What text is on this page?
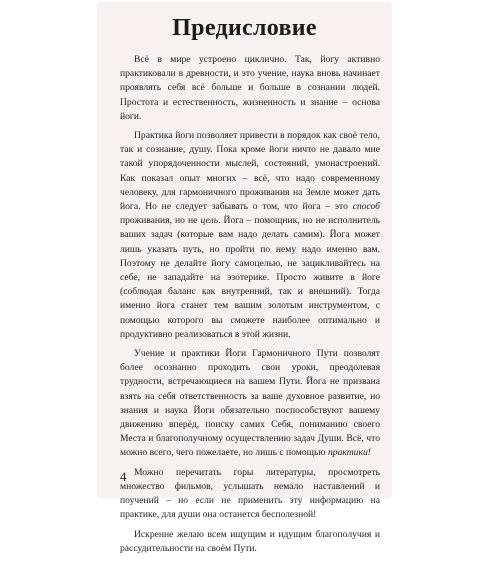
Предисловие

Всё в мире устроено циклично. Так, йогу активно практиковали в древности, и это учение, наука вновь начинает проявлять себя всё больше и больше в сознании людей. Простота и естественность, жизненность и знание – основа йоги.

Практика йоги позволяет привести в порядок как своё тело, так и сознание, душу. Пока кроме йоги ничто не давало мне такой упорядоченности мыслей, состояний, умонастроений. Как показал опыт многих – всё, что надо современному человеку, для гармоничного проживания на Земле может дать йога. Но не следует забывать о том, что йога – это способ проживания, но не цель. Йога – помощник, но не исполнитель ваших задач (которые вам надо делать самим). Йога может лишь указать путь, но пройти по нему надо именно вам. Поэтому не делайте йогу самоцелью, не зацикливайтесь на себе, не западайте на эзотерике. Просто живите в йоге (соблюдая баланс как внутренний, так и внешний). Тогда именно йога станет тем вашим золотым инструментом, с помощью которого вы сможете наиболее оптимально и продуктивно реализоваться в этой жизни.

Учение и практики Йоги Гармоничного Пути позволят более осознанно проходить свои уроки, преодолевая трудности, встречающиеся на вашем Пути. Йога не призвана взять на себя ответственность за ваше духовное развитие, но знания и наука Йоги обязательно поспособствуют вашему движению вперёд, поиску самих Себя, пониманию своего Места и благополучному осуществлению задач Души. Всё, что можно всего, чего пожелаете, но лишь с помощью практики!

Можно перечитать горы литературы, просмотреть множество фильмов, услышать немало наставлений и поучений – но если не применить эту информацию на практике, для души она останется бесполезной!

Искренне желаю всем ищущим и идущим благополучия и рассудительности на своём Пути.

4
